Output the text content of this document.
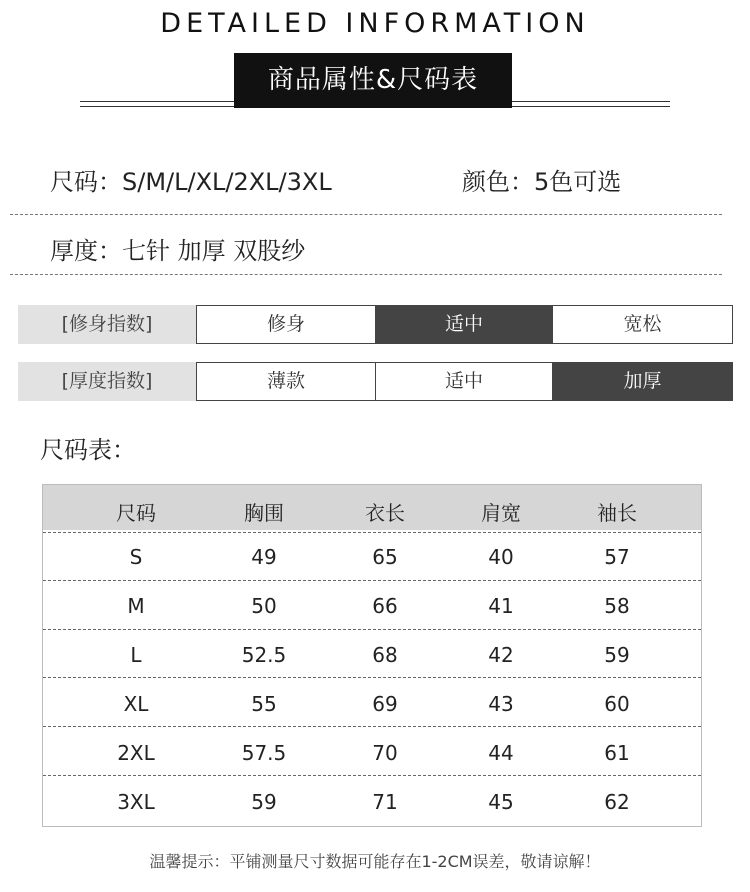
DETAILED INFORMATION
商品属性&尺码表
尺码：S/M/L/XL/2XL/3XL	颜色：5色可选
厚度：七针 加厚 双股纱
[修身指数]	修身	适中	宽松
[厚度指数]	薄款	适中	加厚
尺码表：
尺码	胸围	衣长	肩宽	袖长
S	49	65	40	57
M	50	66	41	58
L	52.5	68	42	59
XL	55	69	43	60
2XL	57.5	70	44	61
3XL	59	71	45	62
温馨提示：平铺测量尺寸数据可能存在1-2CM误差，敬请谅解！
